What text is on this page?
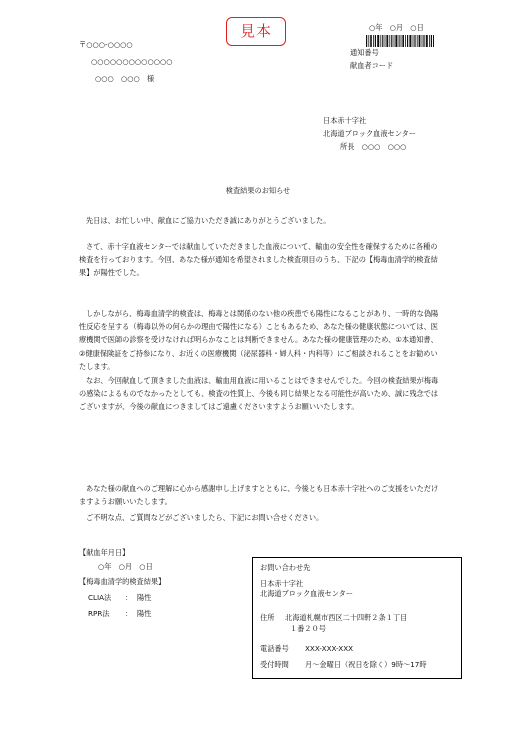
〒○○○-○○○○
○○○○○○○○○○○○○
○○○　○○○　様
見本	○年　○月　○日
通知番号
献血者コード
日本赤十字社
北海道ブロック血液センター
所長　○○○　○○○
検査結果のお知らせ
先日は、お忙しい中、献血にご協力いただき誠にありがとうございました。
さて、赤十字血液センターでは献血していただきました血液について、輸血の安全性を確保するために各種の検査を行っております。今回、あなた様が通知を希望されました検査項目のうち、下記の【梅毒血清学的検査結果】が陽性でした。
しかしながら、梅毒血清学的検査は、梅毒とは関係のない他の疾患でも陽性になることがあり、一時的な偽陽性反応を呈する（梅毒以外の何らかの理由で陽性になる）こともあるため、あなた様の健康状態については、医療機関で医師の診察を受けなければ明らかなことは判断できません。あなた様の健康管理のため、①本通知書、②健康保険証をご持参になり、お近くの医療機関（泌尿器科・婦人科・内科等）にご相談されることをお勧めいたします。
なお、今回献血して頂きました血液は、輸血用血液に用いることはできませんでした。今回の検査結果が梅毒の感染によるものでなかったとしても、検査の性質上、今後も同じ結果となる可能性が高いため、誠に残念ではございますが、今後の献血につきましてはご遠慮くださいますようお願いいたします。
あなた様の献血へのご理解に心から感謝申し上げますとともに、今後とも日本赤十字社へのご支援をいただけますようお願いいたします。
ご不明な点、ご質問などがございましたら、下記にお問い合せください。
【献血年月日】
○年　○月　○日
【梅毒血清学的検査結果】
CLIA法 ： 陽性
RPR法 ： 陽性
お問い合わせ先
日本赤十字社
北海道ブロック血液センター
住所 北海道札幌市西区二十四軒２条１丁目
１番２０号
電話番号 XXX-XXX-XXX
受付時間 月～金曜日（祝日を除く）9時～17時
